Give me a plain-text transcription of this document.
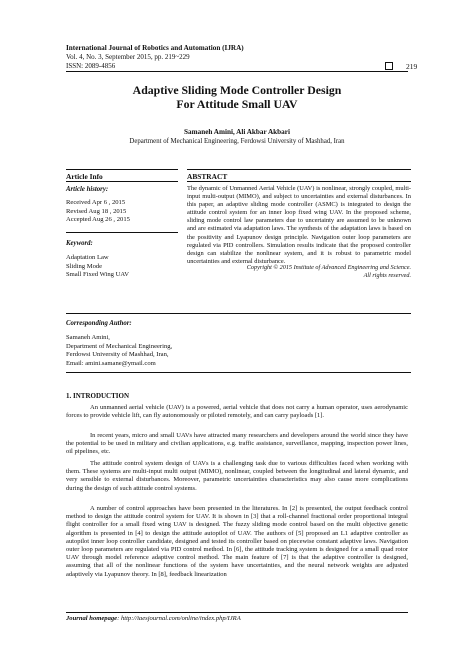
International Journal of Robotics and Automation (IJRA)
Vol. 4, No. 3, September 2015, pp. 219~229
ISSN: 2089-4856	219
Adaptive Sliding Mode Controller Design
For Attitude Small UAV
Samaneh Amini, Ali Akbar Akbari
Department of Mechanical Engineering, Ferdowsi University of Mashhad, Iran
Article Info	ABSTRACT
Article history:
Received Apr 6 , 2015
Revised Aug 18 , 2015
Accepted Aug 26 , 2015
Keyword:
Adaptation Law
Sliding Mode
Small Fixed Wing UAV
The dynamic of Unmanned Aerial Vehicle (UAV) is nonlinear, strongly coupled, multi-input multi-output (MIMO), and subject to uncertainties and external disturbances. In this paper, an adaptive sliding mode controller (ASMC) is integrated to design the attitude control system for an inner loop fixed wing UAV. In the proposed scheme, sliding mode control law parameters due to uncertainty are assumed to be unknown and are estimated via adaptation laws. The synthesis of the adaptation laws is based on the positivity and Lyapunov design principle. Navigation outer loop parameters are regulated via PID controllers. Simulation results indicate that the proposed controller design can stabilize the nonlinear system, and it is robust to parametric model uncertainties and external disturbance.
Copyright © 2015 Institute of Advanced Engineering and Science.
All rights reserved.
Corresponding Author:
Samaneh Amini,
Department of Mechanical Engineering,
Ferdowsi University of Mashhad, Iran,
Email: amini.samane@ymail.com
1. INTRODUCTION
An unmanned aerial vehicle (UAV) is a powered, aerial vehicle that does not carry a human operator, uses aerodynamic forces to provide vehicle lift, can fly autonomously or piloted remotely, and can carry payloads [1].
In recent years, micro and small UAVs have attracted many researchers and developers around the world since they have the potential to be used in military and civilian applications, e.g. traffic assistance, surveillance, mapping, inspection power lines, oil pipelines, etc.
The attitude control system design of UAVs is a challenging task due to various difficulties faced when working with them. These systems are multi-input multi output (MIMO), nonlinear, coupled between the longitudinal and lateral dynamic, and very sensible to external disturbances. Moreover, parametric uncertainties characteristics may also cause more complications during the design of such attitude control systems.
A number of control approaches have been presented in the literatures. In [2] is presented, the output feedback control method to design the attitude control system for UAV. It is shown in [3] that a roll-channel fractional order proportional integral flight controller for a small fixed wing UAV is designed. The fuzzy sliding mode control based on the multi objective genetic algorithm is presented in [4] to design the attitude autopilot of UAV. The authors of [5] proposed an L1 adaptive controller as autopilot inner loop controller candidate, designed and tested its controller based on piecewise constant adaptive laws. Navigation outer loop parameters are regulated via PID control method. In [6], the attitude tracking system is designed for a small quad rotor UAV through model reference adaptive control method. The main feature of [7] is that the adaptive controller is designed, assuming that all of the nonlinear functions of the system have uncertainties, and the neural network weights are adjusted adaptively via Lyapunov theory. In [8], feedback linearization
Journal homepage: http://iaesjournal.com/online/index.php/IJRA
